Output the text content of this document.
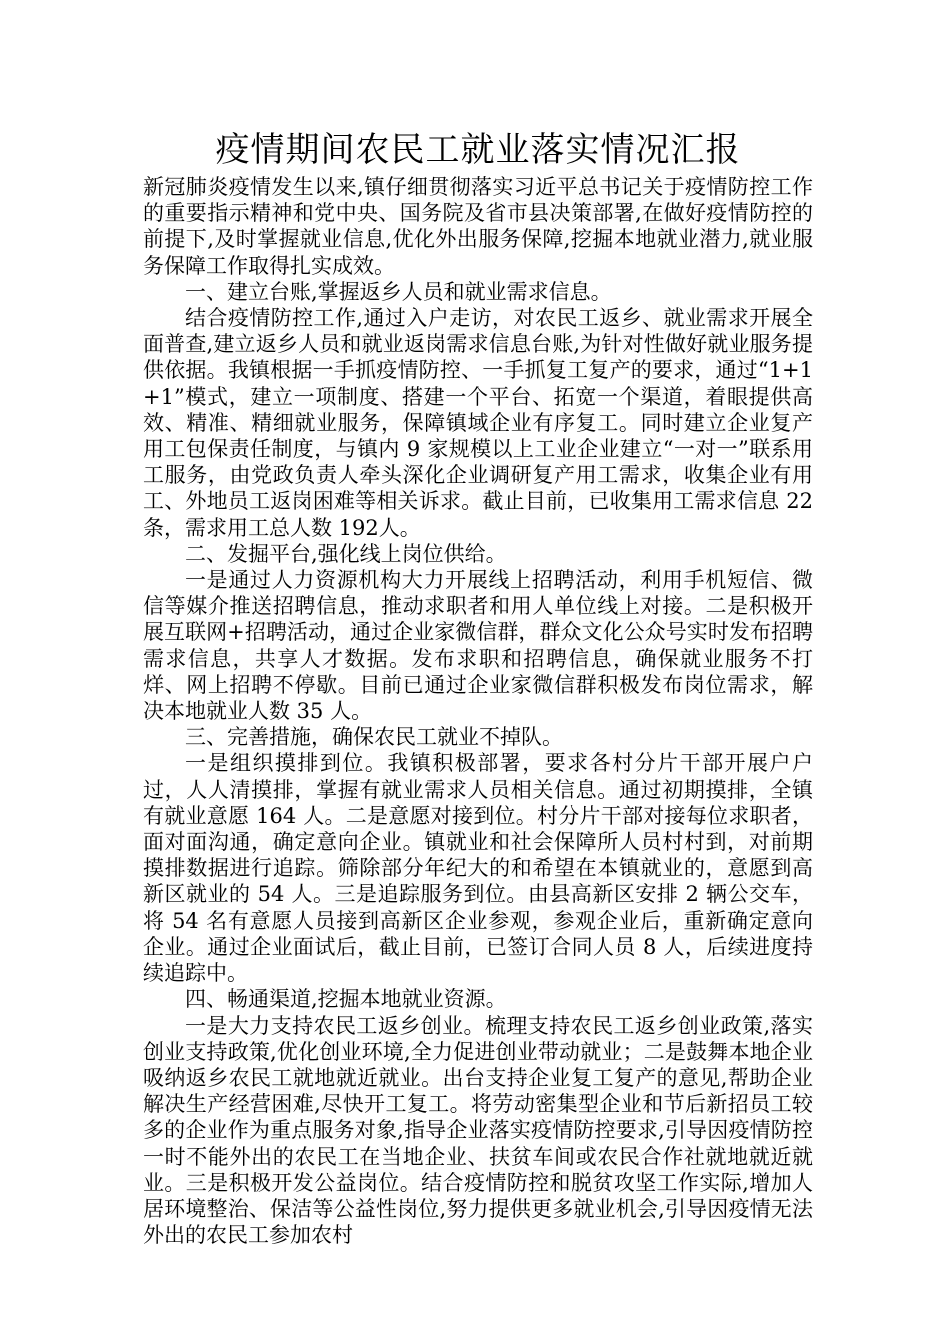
疫情期间农民工就业落实情况汇报

新冠肺炎疫情发生以来,镇仔细贯彻落实习近平总书记关于疫情防控工作的重要指示精神和党中央、国务院及省市县决策部署,在做好疫情防控的前提下,及时掌握就业信息,优化外出服务保障,挖掘本地就业潜力,就业服务保障工作取得扎实成效。

一、建立台账,掌握返乡人员和就业需求信息。

结合疫情防控工作,通过入户走访，对农民工返乡、就业需求开展全面普查,建立返乡人员和就业返岗需求信息台账,为针对性做好就业服务提供依据。我镇根据一手抓疫情防控、一手抓复工复产的要求，通过“1+1+1”模式，建立一项制度、搭建一个平台、拓宽一个渠道，着眼提供高效、精准、精细就业服务，保障镇域企业有序复工。同时建立企业复产用工包保责任制度，与镇内 9 家规模以上工业企业建立“一对一”联系用工服务，由党政负责人牵头深化企业调研复产用工需求，收集企业有用工、外地员工返岗困难等相关诉求。截止目前，已收集用工需求信息 22 条，需求用工总人数 192人。

二、发掘平台,强化线上岗位供给。

一是通过人力资源机构大力开展线上招聘活动，利用手机短信、微信等媒介推送招聘信息，推动求职者和用人单位线上对接。二是积极开展互联网+招聘活动，通过企业家微信群，群众文化公众号实时发布招聘需求信息，共享人才数据。发布求职和招聘信息，确保就业服务不打烊、网上招聘不停歇。目前已通过企业家微信群积极发布岗位需求，解决本地就业人数 35 人。

三、完善措施，确保农民工就业不掉队。

一是组织摸排到位。我镇积极部署，要求各村分片干部开展户户过，人人清摸排，掌握有就业需求人员相关信息。通过初期摸排，全镇有就业意愿 164 人。二是意愿对接到位。村分片干部对接每位求职者，面对面沟通，确定意向企业。镇就业和社会保障所人员村村到，对前期摸排数据进行追踪。筛除部分年纪大的和希望在本镇就业的，意愿到高新区就业的 54 人。三是追踪服务到位。由县高新区安排 2 辆公交车，将 54 名有意愿人员接到高新区企业参观，参观企业后，重新确定意向企业。通过企业面试后，截止目前，已签订合同人员 8 人，后续进度持续追踪中。

四、畅通渠道,挖掘本地就业资源。

一是大力支持农民工返乡创业。梳理支持农民工返乡创业政策,落实创业支持政策,优化创业环境,全力促进创业带动就业；二是鼓舞本地企业吸纳返乡农民工就地就近就业。出台支持企业复工复产的意见,帮助企业解决生产经营困难,尽快开工复工。将劳动密集型企业和节后新招员工较多的企业作为重点服务对象,指导企业落实疫情防控要求,引导因疫情防控一时不能外出的农民工在当地企业、扶贫车间或农民合作社就地就近就业。三是积极开发公益岗位。结合疫情防控和脱贫攻坚工作实际,增加人居环境整治、保洁等公益性岗位,努力提供更多就业机会,引导因疫情无法外出的农民工参加农村
